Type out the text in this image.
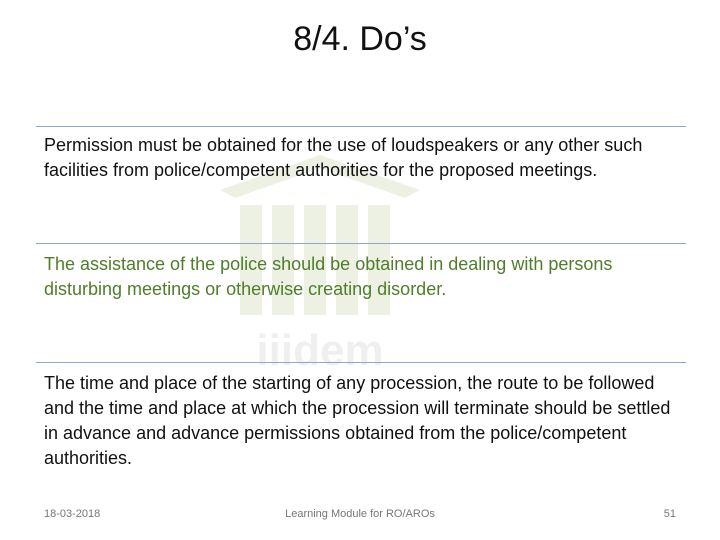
8/4. Do’s
iiidem
Permission must be obtained for the use of loudspeakers or any other such facilities from police/competent authorities for the proposed meetings.
The assistance of the police should be obtained in dealing with persons disturbing meetings or otherwise creating disorder.
The time and place of the starting of any procession, the route to be followed and the time and place at which the procession will terminate should be settled in advance and advance permissions obtained from the police/competent authorities.
18-03-2018	Learning Module for RO/AROs	51
